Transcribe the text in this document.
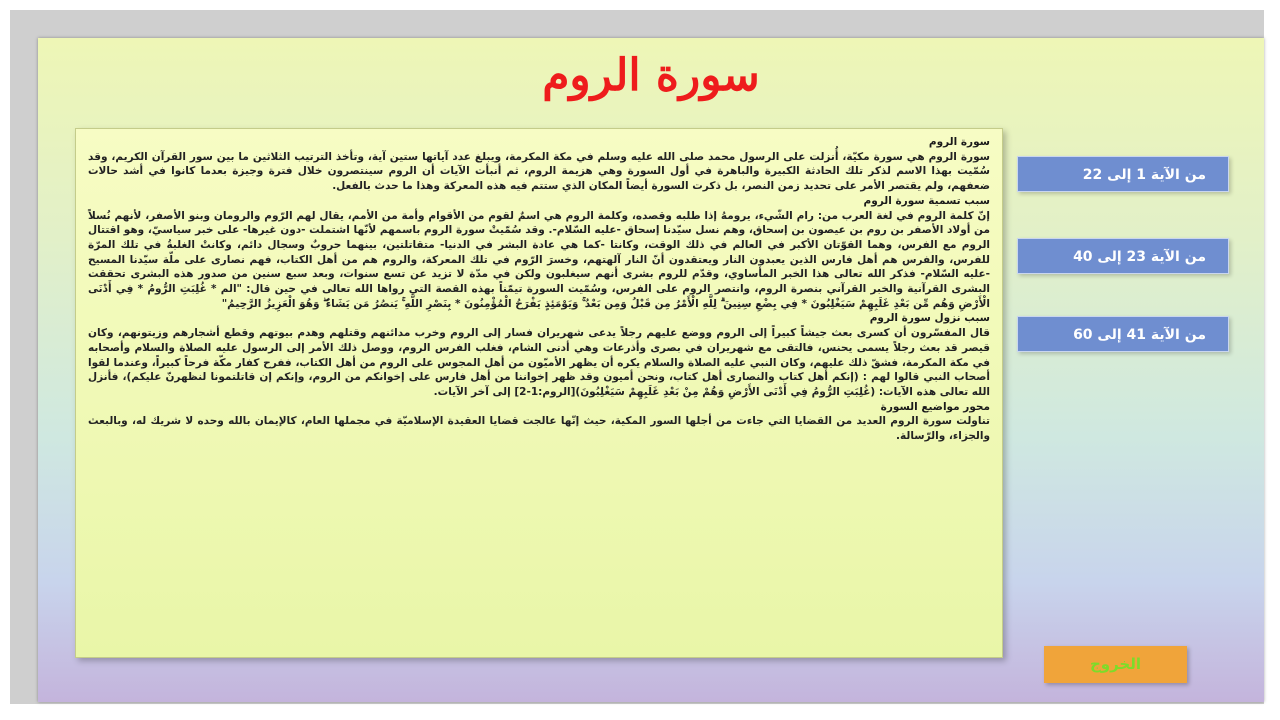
سورة الروم

سورة الروم

سورة الروم هي سورة مكيّة، أُنزلت على الرسول محمد صلى الله عليه وسلم في مكة المكرمة، ويبلغ عدد آياتها ستين آية، وتأخذ الترتيب الثلاثين ما بين سور القرآن الكريم، وقد سُمّيت بهذا الاسم لذكر تلك الحادثة الكبيرة والباهرة في أول السورة وهي هزيمة الروم، ثم أنبأت الآيات أن الروم سينتصرون خلال فترة وجيزة بعدما كانوا في أشد حالات ضعفهم، ولم يقتصر الأمر على تحديد زمن النصر، بل ذكرت السورة أيضاً المكان الذي ستتم فيه هذه المعركة وهذا ما حدث بالفعل.

سبب تسمية سورة الروم

إنّ كلمة الروم في لغة العرب من: رام الشّيء، يرومهُ إذا طلبه وقصده، وكلمة الروم هي اسمٌ لقوم من الأقوام وأمة من الأمم، يقال لهم الرّوم والرومان وبنو الأصفر، لأنهم نُسلاً من أولاد الأصفر بن روم بن عيصون بن إسحاق، وهم نسل سيّدنا إسحاق -عليه السّلام-. وقد سُمّيتْ سورة الروم باسمهم لأنّها اشتملت -دون غيرها- على خبر سياسيّ، وهو اقتتال الروم مع الفرس، وهما القوّتان الأكبر في العالم في ذلك الوقت، وكانتا -كما هي عادة البشر في الدنيا- متقاتلتين، بينهما حروبٌ وسجال دائم، وكانتْ الغلبةُ في تلك المرّة للفرس، والفرس هم أهل فارس الذين يعبدون النار ويعتقدون أنّ النار آلهتهم، وخسرَ الرّوم في تلك المعركة، والروم هم من أهل الكتاب، فهم نصارى على ملّة سيّدنا المسيح -عليه السّلام- فذكر الله تعالى هذا الخبر المأساوي، وقدّم للروم بشرى أنهم سيغلبون ولكن في مدّة لا تزيد عن تسع سنوات، وبعد سبع سنين من صدور هذه البشرى تحققت البشرى القرآنية والخبر القرآني بنصرة الروم، وانتصر الروم على الفرس، وسُمّيت السورة تيمّناً بهذه القصة التي رواها الله تعالى في حين قال: "الم * غُلِبَتِ الرُّومُ * فِي أَدْنَى الْأَرْضِ وَهُم مِّن بَعْدِ غَلَبِهِمْ سَيَغْلِبُونَ * فِي بِضْعِ سِنِينَ ۗ لِلَّهِ الْأَمْرُ مِن قَبْلُ وَمِن بَعْدُ ۚ وَيَوْمَئِذٍ يَفْرَحُ الْمُؤْمِنُونَ * بِنَصْرِ اللَّهِ ۚ يَنصُرُ مَن يَشَاءُ ۖ وَهُوَ الْعَزِيزُ الرَّحِيمُ"

سبب نزول سورة الروم

قال المفسّرون أن كسرى بعث جيشاً كبيراً إلى الروم ووضع عليهم رجلاً يدعى شهريران فسار إلى الروم وخرب مدائنهم وقتلهم وهدم بيوتهم وقطع أشجارهم وزيتونهم، وكان قيصر قد بعث رجلاً يسمى يحنس، فالتقى مع شهريران في بصرى وأذرعات وهي أدنى الشام، فغلب الفرس الروم، ووصل ذلك الأمر إلى الرسول عليه الصلاة والسلام وأصحابه في مكة المكرمة، فشقّ ذلك عليهم، وكان النبي عليه الصلاة والسلام يكره أن يظهر الأميّون من أهل المجوس على الروم من أهل الكتاب، ففرح كفار مكّة فرحاً كبيراً، وعندما لقوا أصحاب النبي قالوا لهم : (إنكم أهل كتاب والنصارى أهل كتاب، ونحن أميون وقد ظهر إخواننا من أهل فارس على إخوانكم من الروم، وإنكم إن قاتلتمونا لنظهرنّ عليكم)، فأنزل الله تعالى هذه الآيات: (غُلِبَتِ الرُّومُ فِي أَدْنَى الأَرْضِ وَهُمْ مِنْ بَعْدِ غَلَبِهِمْ سَيَغْلِبُونَ)[الروم:1-2] إلى آخر الآيات.

محور مواضيع السورة

تناولت سورة الروم العديد من القضايا التي جاءت من أجلها السور المكية، حيث إنّها عالجت قضايا العقيدة الإسلاميّة في مجملها العام، كالإيمان بالله وحده لا شريك له، وبالبعث والجزاء، والرّسالة.

من الآية 1 إلى 22
من الآية 23 إلى 40
من الآية 41 إلى 60
الخروج
